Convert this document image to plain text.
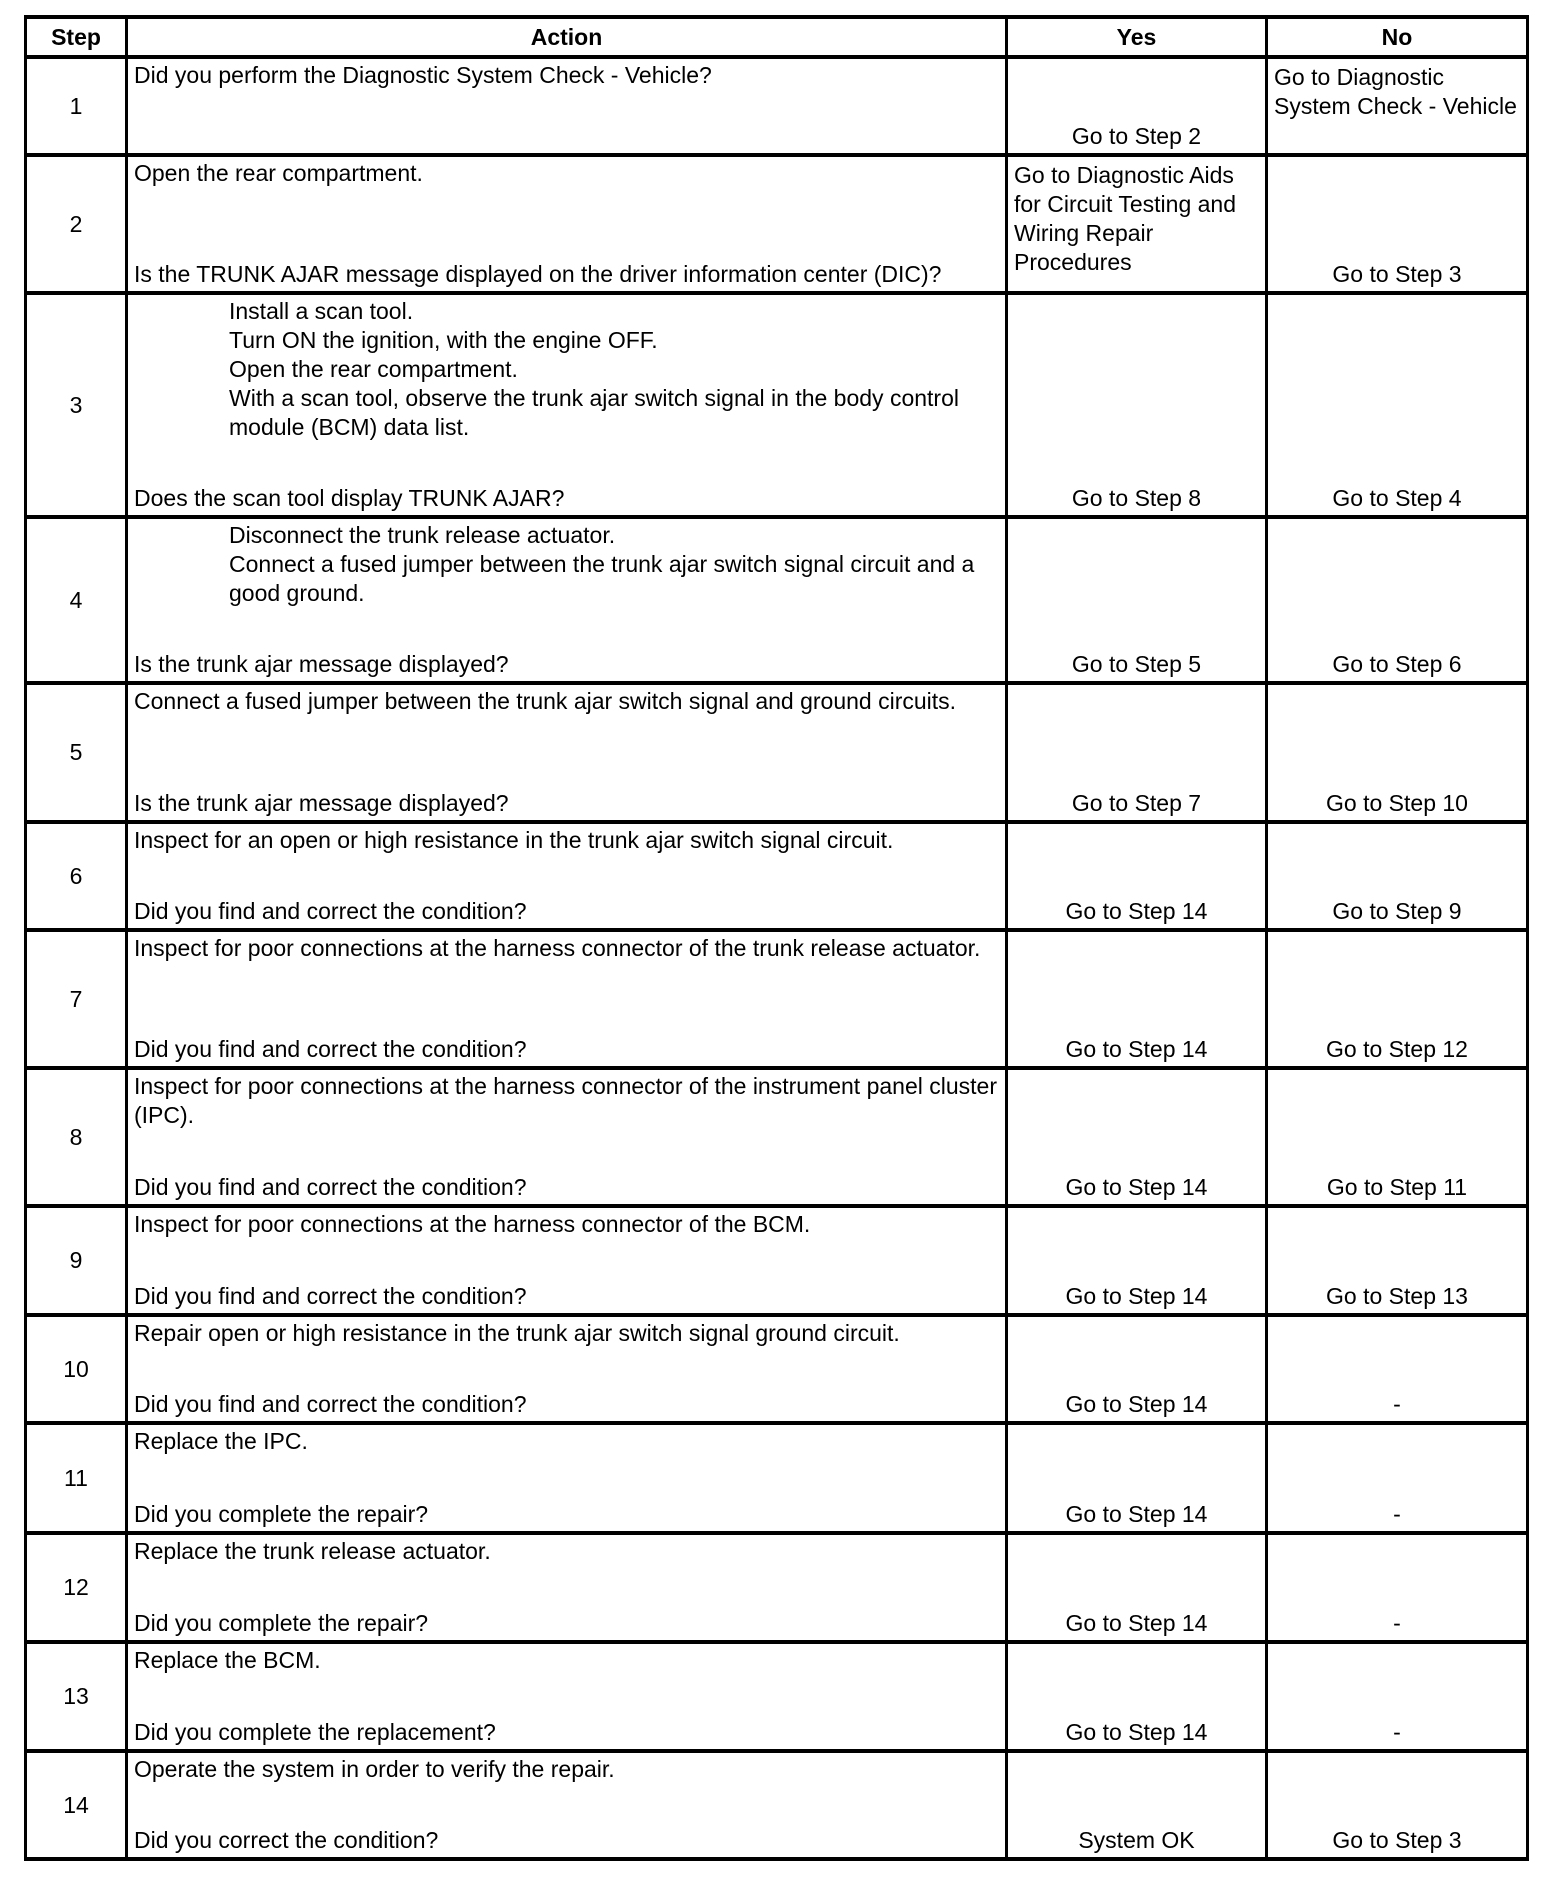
Step	Action	Yes	No
1	Did you perform the Diagnostic System Check - Vehicle?	Go to Step 2	Go to Diagnostic System Check - Vehicle
2	Open the rear compartment.
Is the TRUNK AJAR message displayed on the driver information center (DIC)?	Go to Diagnostic Aids for Circuit Testing and Wiring Repair Procedures	Go to Step 3
3	Install a scan tool.
Turn ON the ignition, with the engine OFF.
Open the rear compartment.
With a scan tool, observe the trunk ajar switch signal in the body control module (BCM) data list.
Does the scan tool display TRUNK AJAR?	Go to Step 8	Go to Step 4
4	Disconnect the trunk release actuator.
Connect a fused jumper between the trunk ajar switch signal circuit and a good ground.
Is the trunk ajar message displayed?	Go to Step 5	Go to Step 6
5	Connect a fused jumper between the trunk ajar switch signal and ground circuits.
Is the trunk ajar message displayed?	Go to Step 7	Go to Step 10
6	Inspect for an open or high resistance in the trunk ajar switch signal circuit.
Did you find and correct the condition?	Go to Step 14	Go to Step 9
7	Inspect for poor connections at the harness connector of the trunk release actuator.
Did you find and correct the condition?	Go to Step 14	Go to Step 12
8	Inspect for poor connections at the harness connector of the instrument panel cluster (IPC).
Did you find and correct the condition?	Go to Step 14	Go to Step 11
9	Inspect for poor connections at the harness connector of the BCM.
Did you find and correct the condition?	Go to Step 14	Go to Step 13
10	Repair open or high resistance in the trunk ajar switch signal ground circuit.
Did you find and correct the condition?	Go to Step 14	-
11	Replace the IPC.
Did you complete the repair?	Go to Step 14	-
12	Replace the trunk release actuator.
Did you complete the repair?	Go to Step 14	-
13	Replace the BCM.
Did you complete the replacement?	Go to Step 14	-
14	Operate the system in order to verify the repair.
Did you correct the condition?	System OK	Go to Step 3
